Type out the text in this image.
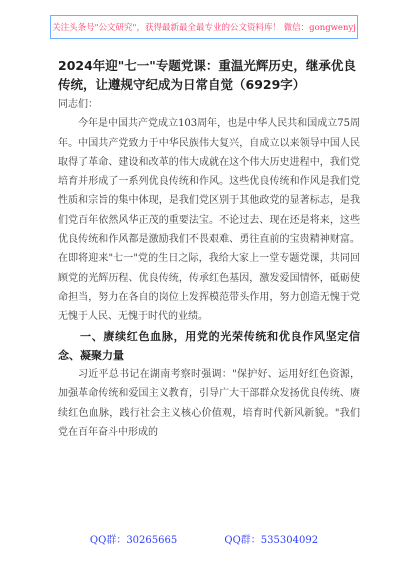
关注头条号"公文研究"，获得最新最全最专业的公文资料库！ 微信：gongwenyj
2024年迎"七一"专题党课：重温光辉历史，继承优良传统，让遵规守纪成为日常自觉（6929字）

同志们：

今年是中国共产党成立103周年，也是中华人民共和国成立75周年。中国共产党致力于中华民族伟大复兴，自成立以来领导中国人民取得了革命、建设和改革的伟大成就在这个伟大历史进程中，我们党培育并形成了一系列优良传统和作风。这些优良传统和作风是我们党性质和宗旨的集中体现，是我们党区别于其他政党的显著标志，是我们党百年依然风华正茂的重要法宝。不论过去、现在还是将来，这些优良传统和作风都是激励我们不畏艰难、勇往直前的宝贵精神财富。在即将迎来"七一"党的生日之际，我给大家上一堂专题党课，共同回顾党的光辉历程、优良传统，传承红色基因，激发爱国情怀，砥砺使命担当，努力在各自的岗位上发挥模范带头作用，努力创造无愧于党无愧于人民、无愧于时代的业绩。

一、赓续红色血脉，用党的光荣传统和优良作风坚定信念、凝聚力量

习近平总书记在湖南考察时强调："保护好、运用好红色资源，加强革命传统和爱国主义教育，引导广大干部群众发扬优良传统、赓续红色血脉，践行社会主义核心价值观，培育时代新风新貌。"我们党在百年奋斗中形成的

QQ群：30265665	QQ群：535304092
